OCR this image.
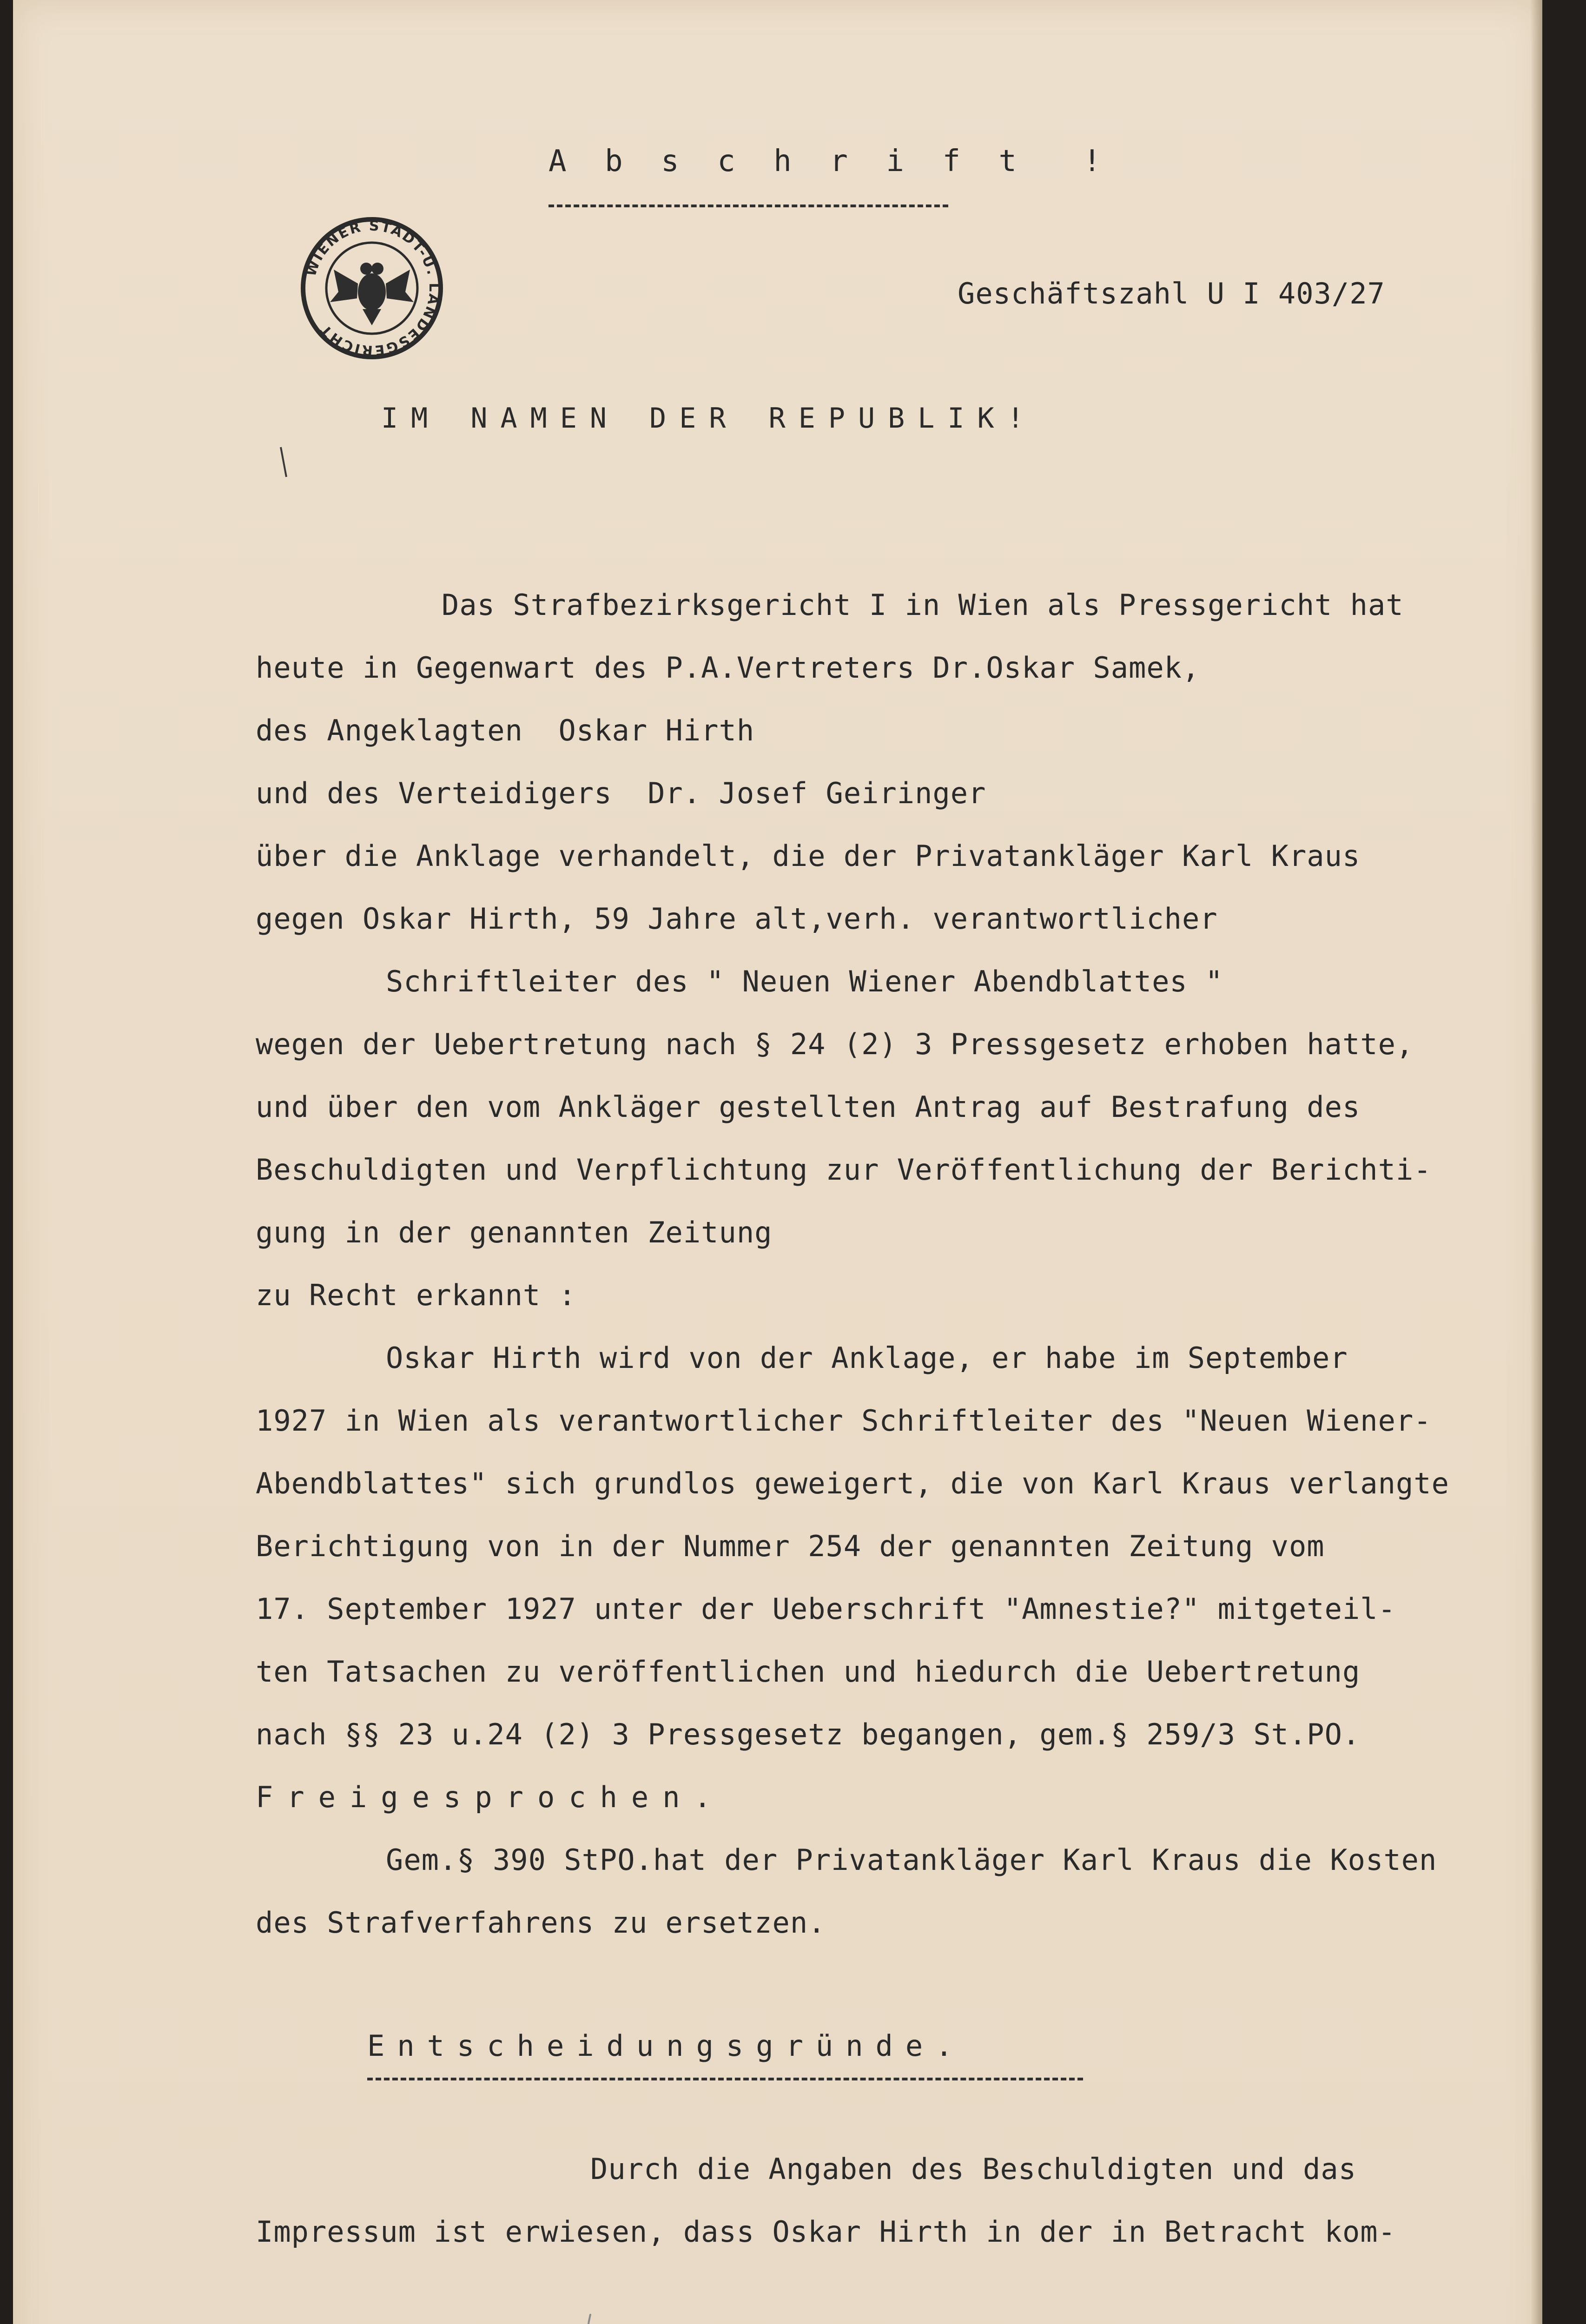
A b s c h r i f t  !

WIENER STADT-U. LANDESGERICHT

Geschäftszahl U I 403/27

IM NAMEN DER REPUBLIK!

Das Strafbezirksgericht I in Wien als Pressgericht hat

heute in Gegenwart des P.A.Vertreters Dr.Oskar Samek,

des Angeklagten  Oskar Hirth

und des Verteidigers  Dr. Josef Geiringer

über die Anklage verhandelt, die der Privatankläger Karl Kraus

gegen Oskar Hirth, 59 Jahre alt,verh. verantwortlicher

Schriftleiter des " Neuen Wiener Abendblattes "

wegen der Uebertretung nach § 24 (2) 3 Pressgesetz erhoben hatte,

und über den vom Ankläger gestellten Antrag auf Bestrafung des

Beschuldigten und Verpflichtung zur Veröffentlichung der Berichti-

gung in der genannten Zeitung

zu Recht erkannt :

Oskar Hirth wird von der Anklage, er habe im September

1927 in Wien als verantwortlicher Schriftleiter des "Neuen Wiener-

Abendblattes" sich grundlos geweigert, die von Karl Kraus verlangte

Berichtigung von in der Nummer 254 der genannten Zeitung vom

17. September 1927 unter der Ueberschrift "Amnestie?" mitgeteil-

ten Tatsachen zu veröffentlichen und hiedurch die Uebertretung

nach §§ 23 u.24 (2) 3 Pressgesetz begangen, gem.§ 259/3 St.PO.

Freigesprochen.

Gem.§ 390 StPO.hat der Privatankläger Karl Kraus die Kosten

des Strafverfahrens zu ersetzen.

Entscheidungsgründe.

Durch die Angaben des Beschuldigten und das

Impressum ist erwiesen, dass Oskar Hirth in der in Betracht kom-
